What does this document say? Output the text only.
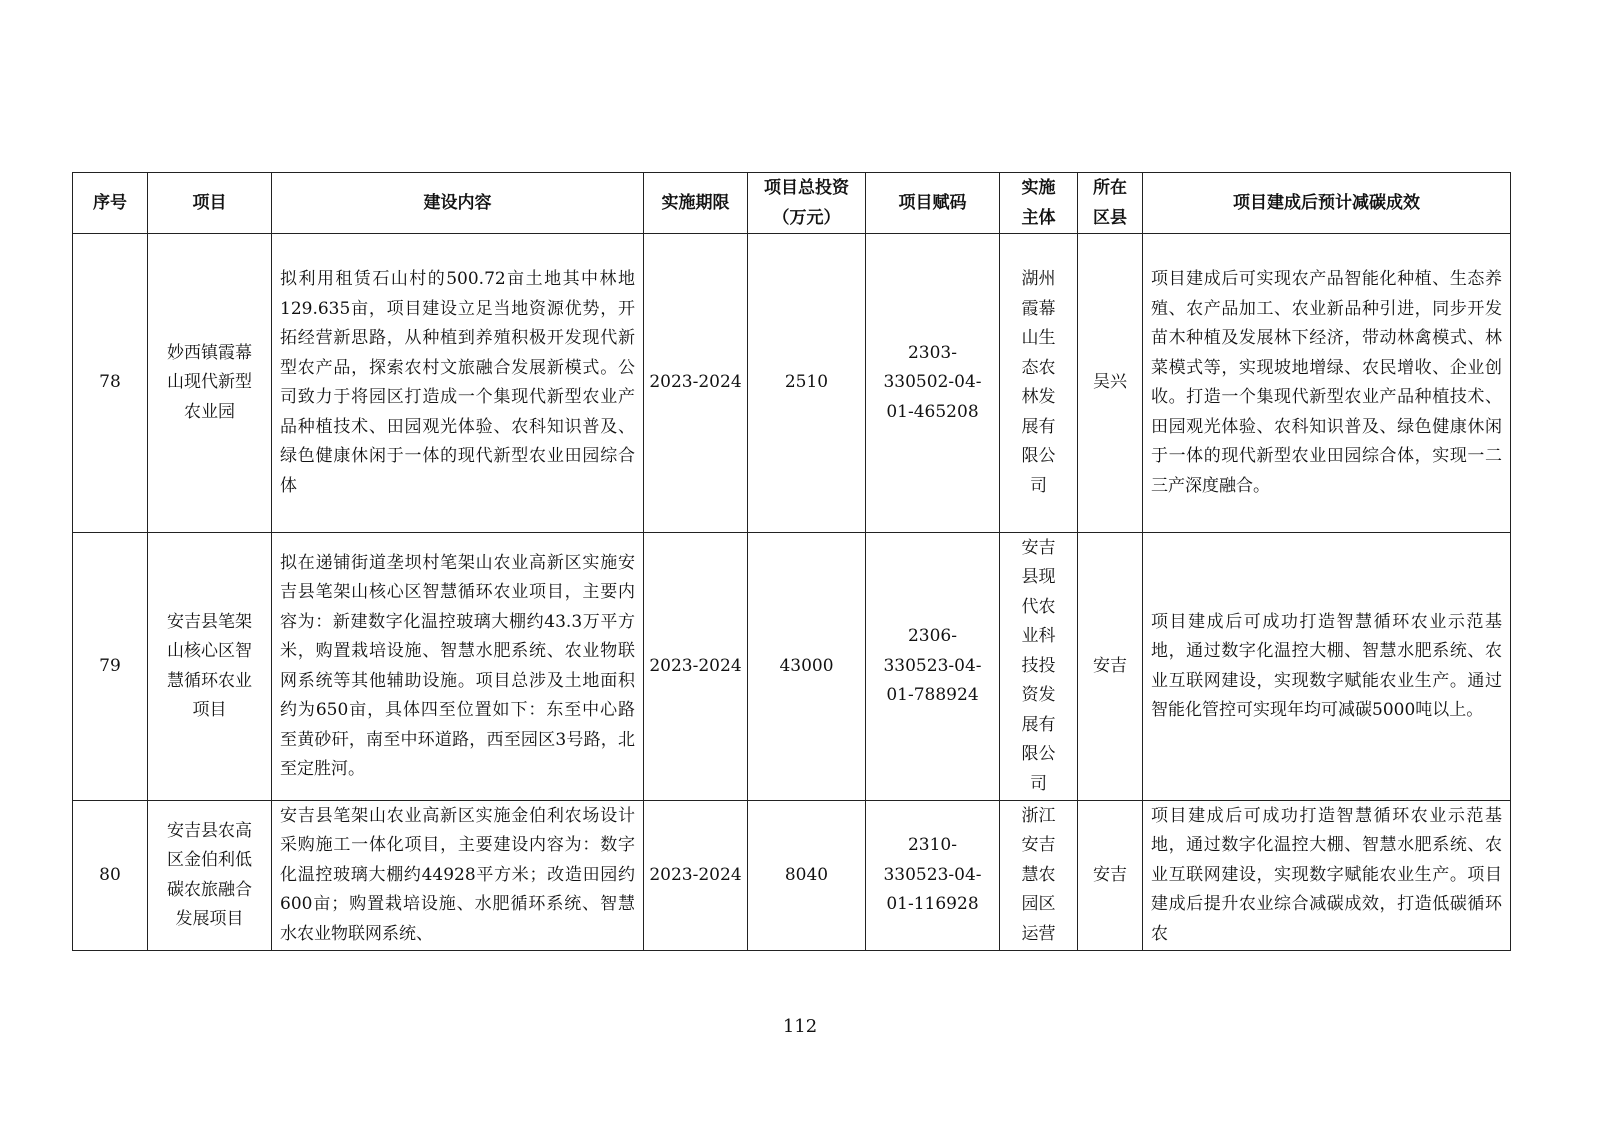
序号	项目	建设内容	实施期限	项目总投资（万元）	项目赋码	实施主体	所在区县	项目建成后预计减碳成效
78	妙西镇霞幕山现代新型农业园	拟利用租赁石山村的500.72亩土地其中林地129.635亩，项目建设立足当地资源优势，开拓经营新思路，从种植到养殖积极开发现代新型农产品，探索农村文旅融合发展新模式。公司致力于将园区打造成一个集现代新型农业产品种植技术、田园观光体验、农科知识普及、绿色健康休闲于一体的现代新型农业田园综合体	2023-2024	2510	2303-330502-04-01-465208	湖州霞幕山生态农林发展有限公司	吴兴	项目建成后可实现农产品智能化种植、生态养殖、农产品加工、农业新品种引进，同步开发苗木种植及发展林下经济，带动林禽模式、林菜模式等，实现坡地增绿、农民增收、企业创收。打造一个集现代新型农业产品种植技术、田园观光体验、农科知识普及、绿色健康休闲于一体的现代新型农业田园综合体，实现一二三产深度融合。
79	安吉县笔架山核心区智慧循环农业项目	拟在递铺街道垄坝村笔架山农业高新区实施安吉县笔架山核心区智慧循环农业项目，主要内容为：新建数字化温控玻璃大棚约43.3万平方米，购置栽培设施、智慧水肥系统、农业物联网系统等其他辅助设施。项目总涉及土地面积约为650亩，具体四至位置如下：东至中心路至黄砂矸，南至中环道路，西至园区3号路，北至定胜河。	2023-2024	43000	2306-330523-04-01-788924	安吉县现代农业科技投资发展有限公司	安吉	项目建成后可成功打造智慧循环农业示范基地，通过数字化温控大棚、智慧水肥系统、农业互联网建设，实现数字赋能农业生产。通过智能化管控可实现年均可减碳5000吨以上。
80	安吉县农高区金伯利低碳农旅融合发展项目	安吉县笔架山农业高新区实施金伯利农场设计采购施工一体化项目，主要建设内容为：数字化温控玻璃大棚约44928平方米；改造田园约600亩；购置栽培设施、水肥循环系统、智慧水农业物联网系统、	2023-2024	8040	2310-330523-04-01-116928	浙江安吉慧农园区运营	安吉	项目建成后可成功打造智慧循环农业示范基地，通过数字化温控大棚、智慧水肥系统、农业互联网建设，实现数字赋能农业生产。项目建成后提升农业综合减碳成效，打造低碳循环农
112
